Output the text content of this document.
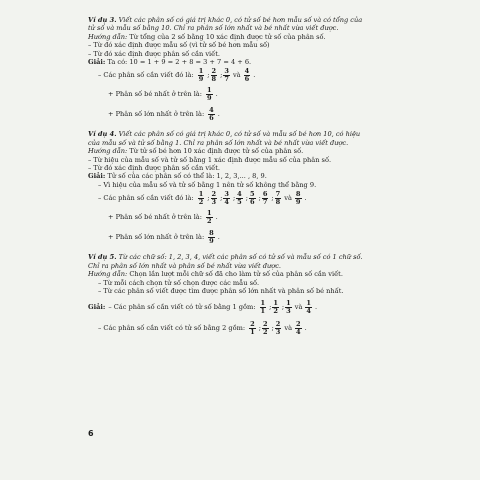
Ví dụ 3. Viết các phân số có giá trị khác 0, có tử số bé hơn mẫu số và có tổng của
tử số và mẫu số bằng 10. Chỉ ra phân số lớn nhất và bé nhất vừa viết được.
Hướng dẫn: Từ tổng của 2 số bằng 10 xác định được tử số của phân số.
– Từ đó xác định được mẫu số (vì tử số bé hơn mẫu số)
– Từ đó xác định được phân số cần viết.
Giải: Ta có: 10 = 1 + 9 = 2 + 8 = 3 + 7 = 4 + 6.
– Các phân số cần viết đó là: $\frac{1}{9}$ ; $\frac{2}{8}$ ; $\frac{3}{7}$ và $\frac{4}{6}$ .
+ Phân số bé nhất ở trên là: $\frac{1}{9}$ .
+ Phân số lớn nhất ở trên là: $\frac{4}{6}$ .
Ví dụ 4. Viết các phân số có giá trị khác 0, có tử số và mẫu số bé hơn 10, có hiệu
của mẫu số và tử số bằng 1. Chỉ ra phân số lớn nhất và bé nhất vừa viết được.
Hướng dẫn: Từ tử số bé hơn 10 xác định được tử số của phân số.
– Từ hiệu của mẫu số và tử số bằng 1 xác định được mẫu số của phân số.
– Từ đó xác định được phân số cần viết.
Giải: Tử số của các phân số có thể là: 1, 2, 3,... , 8, 9.
– Vì hiệu của mẫu số và tử số bằng 1 nên tử số không thể bằng 9.
– Các phân số cần viết đó là: $\frac{1}{2}$ ; $\frac{2}{3}$ ; $\frac{3}{4}$ ; $\frac{4}{5}$ ; $\frac{5}{6}$ ; $\frac{6}{7}$ ; $\frac{7}{8}$ và $\frac{8}{9}$ .
+ Phân số bé nhất ở trên là: $\frac{1}{2}$ .
+ Phân số lớn nhất ở trên là: $\frac{8}{9}$ .
Ví dụ 5. Từ các chữ số: 1, 2, 3, 4, viết các phân số có tử số và mẫu số có 1 chữ số.
Chỉ ra phân số lớn nhất và phân số bé nhất vừa viết được.
Hướng dẫn: Chọn lần lượt mỗi chữ số đã cho làm tử số của phân số cần viết.
– Từ mỗi cách chọn tử số chọn được các mẫu số.
– Từ các phân số viết được tìm được phân số lớn nhất và phân số bé nhất.
Giải: – Các phân số cần viết có tử số bằng 1 gồm: $\frac{1}{1}$ ; $\frac{1}{2}$ ; $\frac{1}{3}$ và $\frac{1}{4}$ .
– Các phân số cần viết có tử số bằng 2 gồm: $\frac{2}{1}$ ; $\frac{2}{2}$ ; $\frac{2}{3}$ và $\frac{2}{4}$ .
6
